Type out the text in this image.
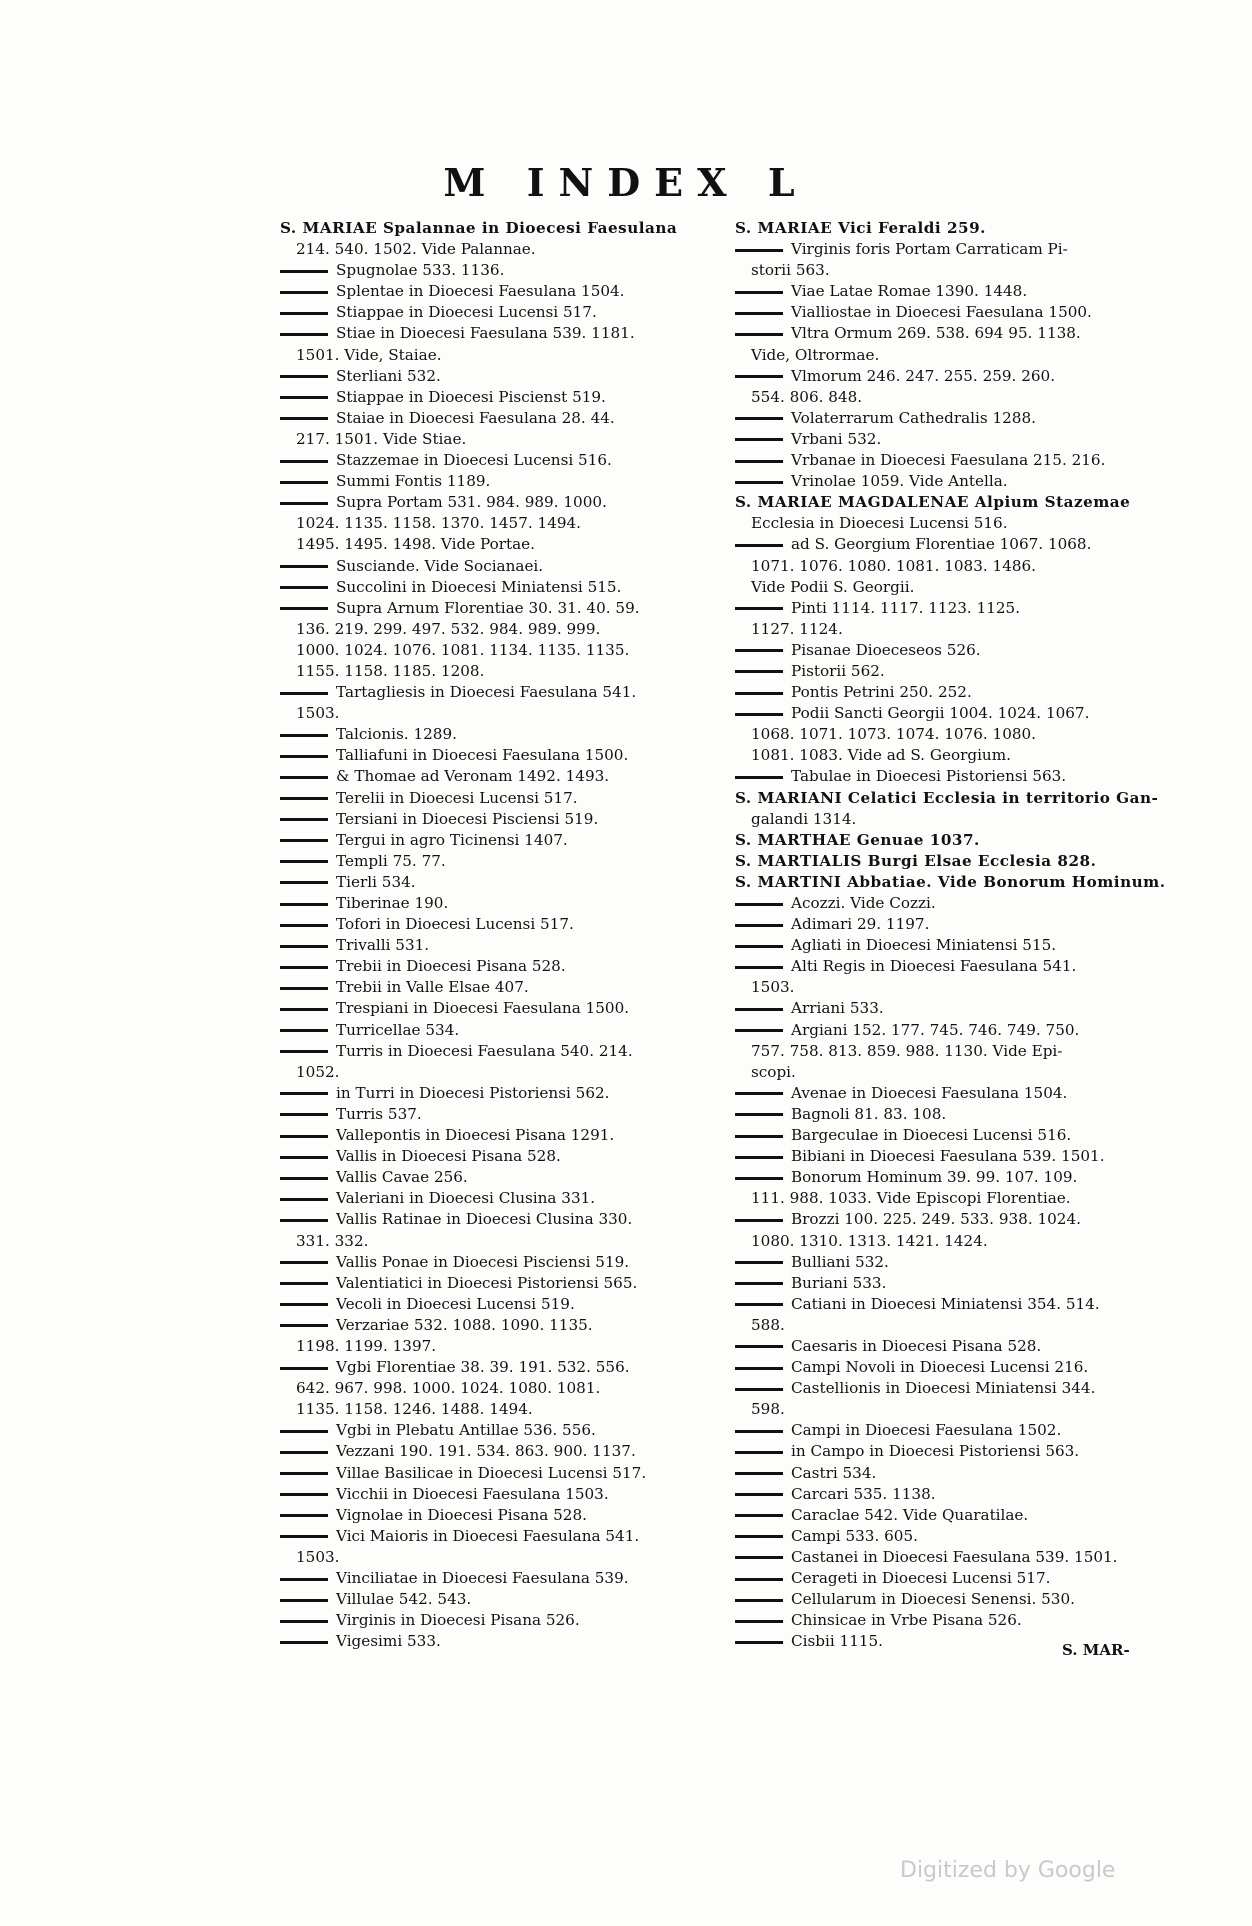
M INDEX L
S. MARIAE Spalannae in Dioecesi Faesulana
214. 540. 1502. Vide Palannae.
Spugnolae 533. 1136.
Splentae in Dioecesi Faesulana 1504.
Stiappae in Dioecesi Lucensi 517.
Stiae in Dioecesi Faesulana 539. 1181.
1501. Vide, Staiae.
Sterliani 532.
Stiappae in Dioecesi Piscienst 519.
Staiae in Dioecesi Faesulana 28. 44.
217. 1501. Vide Stiae.
Stazzemae in Dioecesi Lucensi 516.
Summi Fontis 1189.
Supra Portam 531. 984. 989. 1000.
1024. 1135. 1158. 1370. 1457. 1494.
1495. 1495. 1498. Vide Portae.
Susciande. Vide Socianaei.
Succolini in Dioecesi Miniatensi 515.
Supra Arnum Florentiae 30. 31. 40. 59.
136. 219. 299. 497. 532. 984. 989. 999.
1000. 1024. 1076. 1081. 1134. 1135. 1135.
1155. 1158. 1185. 1208.
Tartagliesis in Dioecesi Faesulana 541.
1503.
Talcionis. 1289.
Talliafuni in Dioecesi Faesulana 1500.
& Thomae ad Veronam 1492. 1493.
Terelii in Dioecesi Lucensi 517.
Tersiani in Dioecesi Pisciensi 519.
Tergui in agro Ticinensi 1407.
Templi 75. 77.
Tierli 534.
Tiberinae 190.
Tofori in Dioecesi Lucensi 517.
Trivalli 531.
Trebii in Dioecesi Pisana 528.
Trebii in Valle Elsae 407.
Trespiani in Dioecesi Faesulana 1500.
Turricellae 534.
Turris in Dioecesi Faesulana 540. 214.
1052.
in Turri in Dioecesi Pistoriensi 562.
Turris 537.
Vallepontis in Dioecesi Pisana 1291.
Vallis in Dioecesi Pisana 528.
Vallis Cavae 256.
Valeriani in Dioecesi Clusina 331.
Vallis Ratinae in Dioecesi Clusina 330.
331. 332.
Vallis Ponae in Dioecesi Pisciensi 519.
Valentiatici in Dioecesi Pistoriensi 565.
Vecoli in Dioecesi Lucensi 519.
Verzariae 532. 1088. 1090. 1135.
1198. 1199. 1397.
Vgbi Florentiae 38. 39. 191. 532. 556.
642. 967. 998. 1000. 1024. 1080. 1081.
1135. 1158. 1246. 1488. 1494.
Vgbi in Plebatu Antillae 536. 556.
Vezzani 190. 191. 534. 863. 900. 1137.
Villae Basilicae in Dioecesi Lucensi 517.
Vicchii in Dioecesi Faesulana 1503.
Vignolae in Dioecesi Pisana 528.
Vici Maioris in Dioecesi Faesulana 541.
1503.
Vinciliatae in Dioecesi Faesulana 539.
Villulae 542. 543.
Virginis in Dioecesi Pisana 526.
Vigesimi 533.
S. MARIAE Vici Feraldi 259.
Virginis foris Portam Carraticam Pi-
storii 563.
Viae Latae Romae 1390. 1448.
Vialliostae in Dioecesi Faesulana 1500.
Vltra Ormum 269. 538. 694 95. 1138.
Vide, Oltrormae.
Vlmorum 246. 247. 255. 259. 260.
554. 806. 848.
Volaterrarum Cathedralis 1288.
Vrbani 532.
Vrbanae in Dioecesi Faesulana 215. 216.
Vrinolae 1059. Vide Antella.
S. MARIAE MAGDALENAE Alpium Stazemae
Ecclesia in Dioecesi Lucensi 516.
ad S. Georgium Florentiae 1067. 1068.
1071. 1076. 1080. 1081. 1083. 1486.
Vide Podii S. Georgii.
Pinti 1114. 1117. 1123. 1125.
1127. 1124.
Pisanae Dioeceseos 526.
Pistorii 562.
Pontis Petrini 250. 252.
Podii Sancti Georgii 1004. 1024. 1067.
1068. 1071. 1073. 1074. 1076. 1080.
1081. 1083. Vide ad S. Georgium.
Tabulae in Dioecesi Pistoriensi 563.
S. MARIANI Celatici Ecclesia in territorio Gan-
galandi 1314.
S. MARTHAE Genuae 1037.
S. MARTIALIS Burgi Elsae Ecclesia 828.
S. MARTINI Abbatiae. Vide Bonorum Hominum.
Acozzi. Vide Cozzi.
Adimari 29. 1197.
Agliati in Dioecesi Miniatensi 515.
Alti Regis in Dioecesi Faesulana 541.
1503.
Arriani 533.
Argiani 152. 177. 745. 746. 749. 750.
757. 758. 813. 859. 988. 1130. Vide Epi-
scopi.
Avenae in Dioecesi Faesulana 1504.
Bagnoli 81. 83. 108.
Bargeculae in Dioecesi Lucensi 516.
Bibiani in Dioecesi Faesulana 539. 1501.
Bonorum Hominum 39. 99. 107. 109.
111. 988. 1033. Vide Episcopi Florentiae.
Brozzi 100. 225. 249. 533. 938. 1024.
1080. 1310. 1313. 1421. 1424.
Bulliani 532.
Buriani 533.
Catiani in Dioecesi Miniatensi 354. 514.
588.
Caesaris in Dioecesi Pisana 528.
Campi Novoli in Dioecesi Lucensi 216.
Castellionis in Dioecesi Miniatensi 344.
598.
Campi in Dioecesi Faesulana 1502.
in Campo in Dioecesi Pistoriensi 563.
Castri 534.
Carcari 535. 1138.
Caraclae 542. Vide Quaratilae.
Campi 533. 605.
Castanei in Dioecesi Faesulana 539. 1501.
Cerageti in Dioecesi Lucensi 517.
Cellularum in Dioecesi Senensi. 530.
Chinsicae in Vrbe Pisana 526.
Cisbii 1115.	S. MAR-
Digitized by Google
